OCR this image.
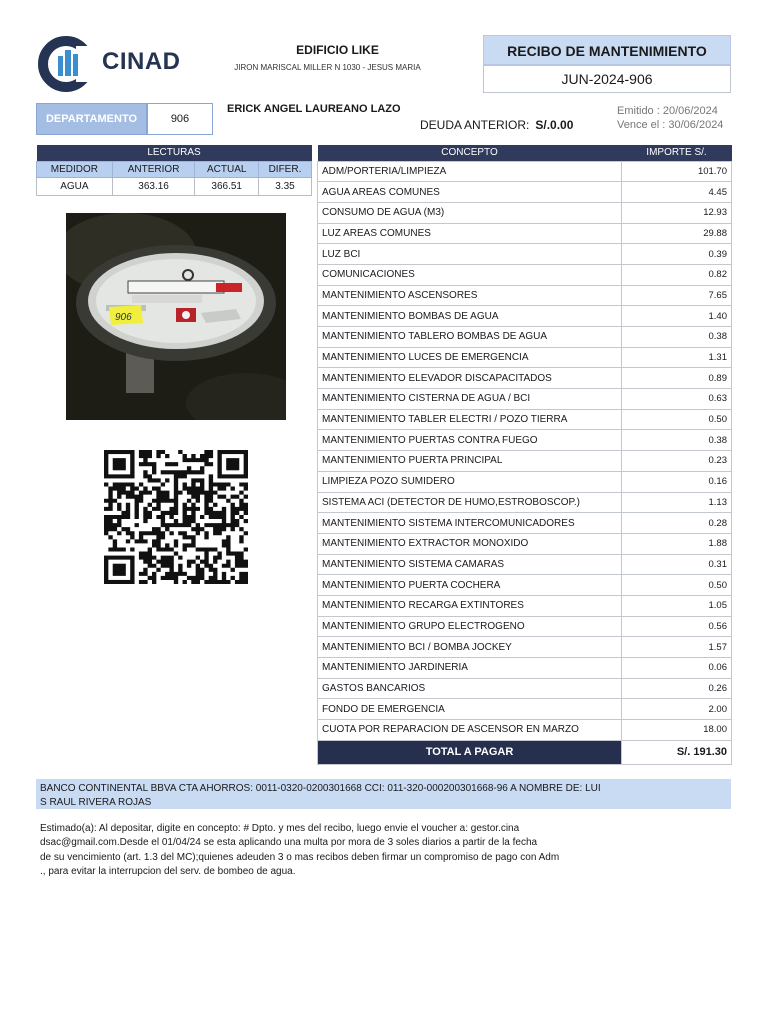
CINAD	EDIFICIO LIKE
JIRON MARISCAL MILLER N 1030 - JESUS MARIA
RECIBO DE MANTENIMIENTO
JUN-2024-906
DEPARTAMENTO	906
ERICK ANGEL LAUREANO LAZO
DEUDA ANTERIOR: S/.0.00
Emitido : 20/06/2024
Vence el : 30/06/2024
LECTURAS			
MEDIDOR	ANTERIOR	ACTUAL	DIFER.
AGUA	363.16	366.51	3.35
906
CONCEPTO	IMPORTE S/.
ADM/PORTERIA/LIMPIEZA	101.70
AGUA AREAS COMUNES	4.45
CONSUMO DE AGUA (M3)	12.93
LUZ AREAS COMUNES	29.88
LUZ BCI	0.39
COMUNICACIONES	0.82
MANTENIMIENTO ASCENSORES	7.65
MANTENIMIENTO BOMBAS DE AGUA	1.40
MANTENIMIENTO TABLERO BOMBAS DE AGUA	0.38
MANTENIMIENTO LUCES DE EMERGENCIA	1.31
MANTENIMIENTO ELEVADOR DISCAPACITADOS	0.89
MANTENIMIENTO CISTERNA DE AGUA / BCI	0.63
MANTENIMIENTO TABLER ELECTRI / POZO TIERRA	0.50
MANTENIMIENTO PUERTAS CONTRA FUEGO	0.38
MANTENIMIENTO PUERTA PRINCIPAL	0.23
LIMPIEZA POZO SUMIDERO	0.16
SISTEMA ACI (DETECTOR DE HUMO,ESTROBOSCOP.)	1.13
MANTENIMIENTO SISTEMA INTERCOMUNICADORES	0.28
MANTENIMIENTO EXTRACTOR MONOXIDO	1.88
MANTENIMIENTO SISTEMA CAMARAS	0.31
MANTENIMIENTO PUERTA COCHERA	0.50
MANTENIMIENTO RECARGA EXTINTORES	1.05
MANTENIMIENTO GRUPO ELECTROGENO	0.56
MANTENIMIENTO BCI / BOMBA JOCKEY	1.57
MANTENIMIENTO JARDINERIA	0.06
GASTOS BANCARIOS	0.26
FONDO DE EMERGENCIA	2.00
CUOTA POR REPARACION DE ASCENSOR EN MARZO	18.00
TOTAL A PAGAR	S/. 191.30
BANCO CONTINENTAL BBVA CTA AHORROS: 0011-0320-0200301668 CCI: 011-320-000200301668-96 A NOMBRE DE: LUI
S RAUL RIVERA ROJAS
Estimado(a): Al depositar, digite en concepto: # Dpto. y mes del recibo, luego envie el voucher a: gestor.cina
dsac@gmail.com.Desde el 01/04/24 se esta aplicando una multa por mora de 3 soles diarios a partir de la fecha
de su vencimiento (art. 1.3 del MC);quienes adeuden 3 o mas recibos deben firmar un compromiso de pago con Adm
., para evitar la interrupcion del serv. de bombeo de agua.
